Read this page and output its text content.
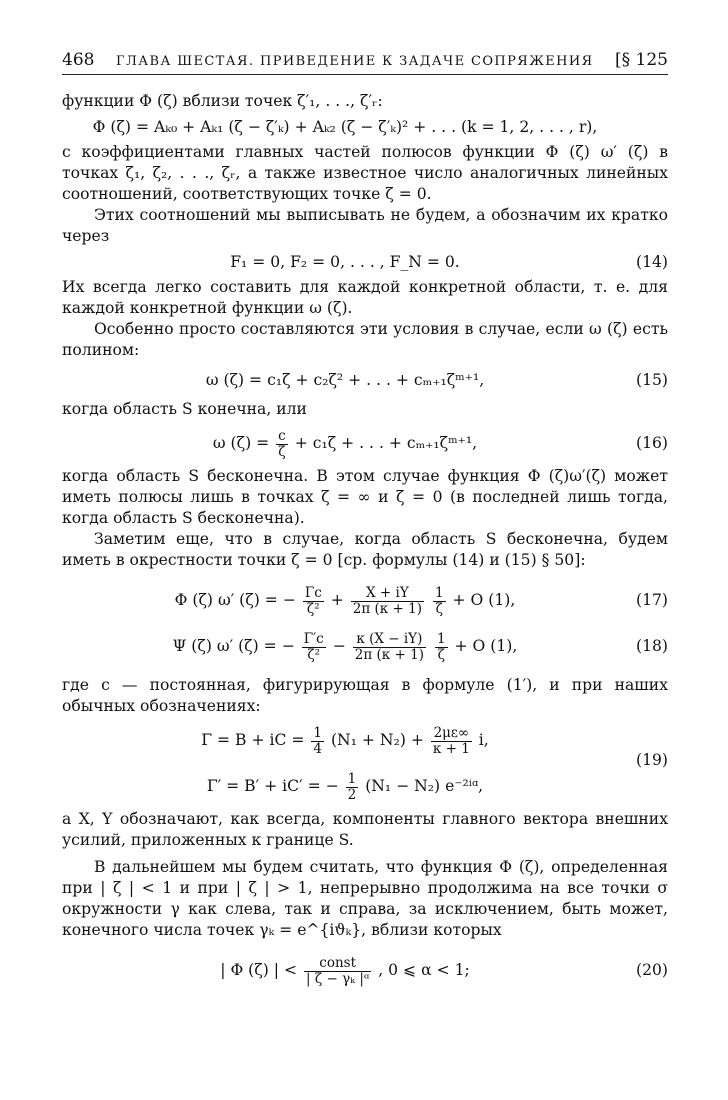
468 ГЛАВА ШЕСТАЯ. ПРИВЕДЕНИЕ К ЗАДАЧЕ СОПРЯЖЕНИЯ [§ 125

функции Φ (ζ) вблизи точек ζ′₁, . . ., ζ′ᵣ:

Φ (ζ) = Aₖ₀ + Aₖ₁ (ζ − ζ′ₖ) + Aₖ₂ (ζ − ζ′ₖ)² + . . . (k = 1, 2, . . . , r),

с коэффициентами главных частей полюсов функции Φ (ζ) ω′ (ζ) в точках ζ₁, ζ₂, . . ., ζᵣ, а также известное число аналогичных линейных соотношений, соответствующих точке ζ = 0.

Этих соотношений мы выписывать не будем, а обозначим их кратко через

F₁ = 0, F₂ = 0, . . . , F_N = 0.	(14)

Их всегда легко составить для каждой конкретной области, т. е. для каждой конкретной функции ω (ζ).

Особенно просто составляются эти условия в случае, если ω (ζ) есть полином:

ω (ζ) = c₁ζ + c₂ζ² + . . . + cₘ₊₁ζᵐ⁺¹,	(15)

когда область S конечна, или

ω $(\zeta) = \frac{c}{\zeta} + c_1\zeta$ + . . . + cₘ₊₁ζᵐ⁺¹,	(16)

когда область S бесконечна. В этом случае функция Φ (ζ)ω′(ζ) может иметь полюсы лишь в точках ζ = ∞ и ζ = 0 (в последней лишь тогда, когда область S бесконечна).

Заметим еще, что в случае, когда область S бесконечна, будем иметь в окрестности точки ζ = 0 [ср. формулы (14) и (15) § 50]:

Φ (ζ) ω′ (ζ) = − $\frac{\Gamma c}{\text{ζ²}} + \frac{X + iY}{2\pi (\kappa + 1)}$
$\frac{1}{\zeta} + O$ (1),	(17)
Ψ (ζ) ω′ (ζ) = − $\frac{\Gamma'c}{\text{ζ²}} - \frac{\kappa (X - iY)}{2\pi (\kappa + 1)}$
$\frac{1}{\zeta} + O$ (1),	(18)

где c — постоянная, фигурирующая в формуле (1′), и при наших обычных обозначениях:

Γ = B + iC = $\frac{1}{4} (N_1 + N_2) + \frac{2\mu\varepsilon\infty}{\kappa + 1} i$,
Γ′ = B′ + iC′ = − $\frac{1}{2} (N_1 - N_2)$ e⁻²ⁱᵅ,
(19)

а X, Y обозначают, как всегда, компоненты главного вектора внешних усилий, приложенных к границе S.

В дальнейшем мы будем считать, что функция Φ (ζ), определенная при | ζ | < 1 и при | ζ | > 1, непрерывно продолжима на все точки σ окружности γ как слева, так и справа, за исключением, быть может, конечного числа точек γₖ = e^{iϑₖ}, вблизи которых

| Φ (ζ) | < $\frac{\text{const}}{\text{| ζ − γₖ |ᵅ}}$ , 0 ⩽ α < 1;	(20)
